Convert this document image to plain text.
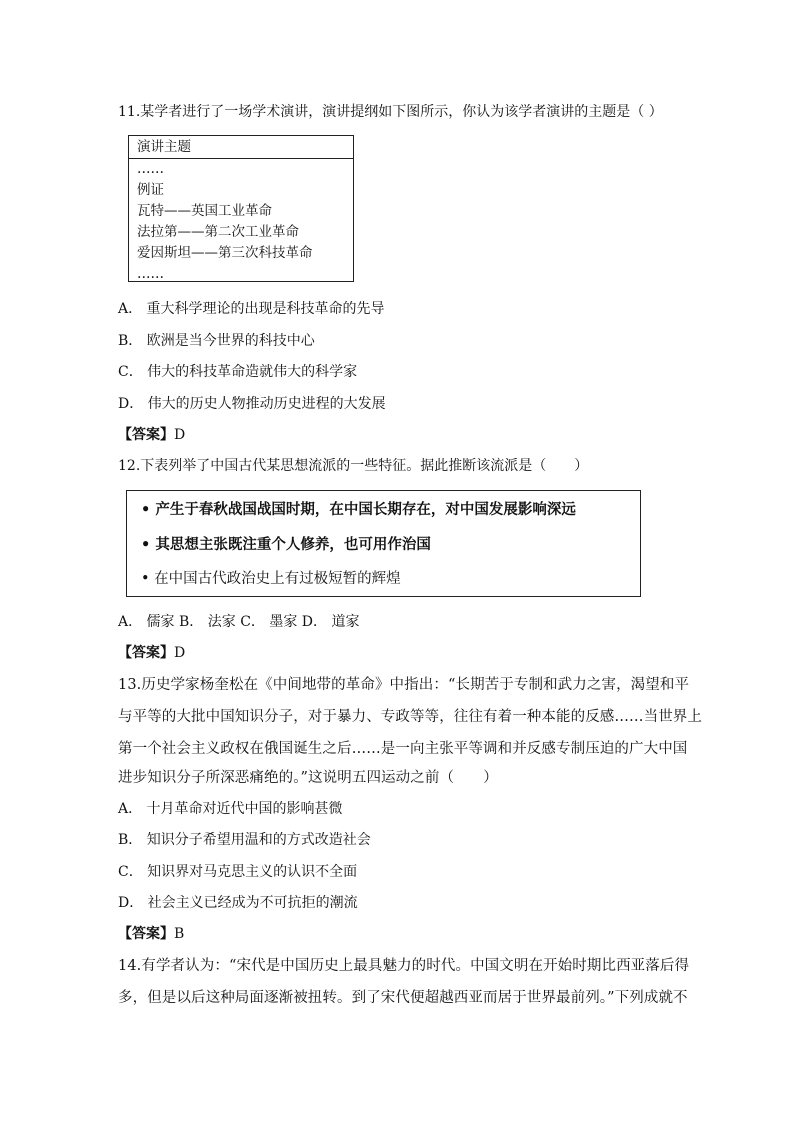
11.某学者进行了一场学术演讲，演讲提纲如下图所示，你认为该学者演讲的主题是（ ）
演讲主题
……
例证
瓦特——英国工业革命
法拉第——第二次工业革命
爱因斯坦——第三次科技革命
……
A． 重大科学理论的出现是科技革命的先导
B． 欧洲是当今世界的科技中心
C． 伟大的科技革命造就伟大的科学家
D． 伟大的历史人物推动历史进程的大发展
【答案】D
12.下表列举了中国古代某思想流派的一些特征。据此推断该流派是（　　）
• 产生于春秋战国战国时期，在中国长期存在，对中国发展影响深远
• 其思想主张既注重个人修养，也可用作治国
• 在中国古代政治史上有过极短暂的辉煌
A． 儒家 B． 法家 C． 墨家 D． 道家
【答案】D
13.历史学家杨奎松在《中间地带的革命》中指出：“长期苦于专制和武力之害，渴望和平
与平等的大批中国知识分子，对于暴力、专政等等，往往有着一种本能的反感……当世界上
第一个社会主义政权在俄国诞生之后……是一向主张平等调和并反感专制压迫的广大中国
进步知识分子所深恶痛绝的。”这说明五四运动之前（　　）
A． 十月革命对近代中国的影响甚微
B． 知识分子希望用温和的方式改造社会
C． 知识界对马克思主义的认识不全面
D． 社会主义已经成为不可抗拒的潮流
【答案】B
14.有学者认为：“宋代是中国历史上最具魅力的时代。中国文明在开始时期比西亚落后得
多，但是以后这种局面逐渐被扭转。到了宋代便超越西亚而居于世界最前列。”下列成就不
